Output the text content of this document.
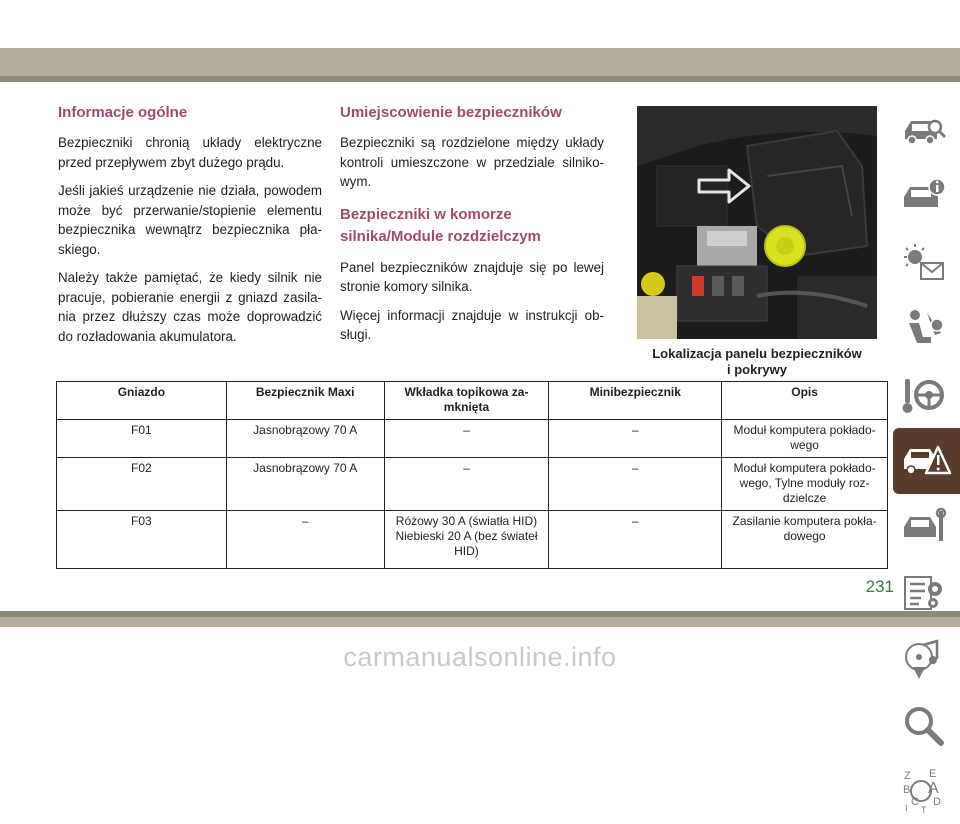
Informacje ogólne

Bezpieczniki chronią układy elektryczne przed przepływem zbyt dużego prądu.

Jeśli jakieś urządzenie nie działa, powodem może być przerwanie/stopienie elementu bezpiecznika wewnątrz bezpiecznika pła- skiego.

Należy także pamiętać, że kiedy silnik nie pracuje, pobieranie energii z gniazd zasila- nia przez dłuższy czas może doprowadzić do rozładowania akumulatora.

Umiejscowienie bezpieczników

Bezpieczniki są rozdzielone między układy kontroli umieszczone w przedziale silniko- wym.

Bezpieczniki w komorze
silnika/Module rozdzielczym

Panel bezpieczników znajduje się po lewej stronie komory silnika.

Więcej informacji znajduje w instrukcji ob- sługi.

Lokalizacja panelu bezpieczników
i pokrywy
Gniazdo	Bezpiecznik Maxi	Wkładka topikowa za- mknięta	Minibezpiecznik	Opis
F01	Jasnobrązowy 70 A	–	–	Moduł komputera pokłado- wego
F02	Jasnobrązowy 70 A	–	–	Moduł komputera pokłado- wego, Tylne moduły roz- dzielcze
F03	–	Różowy 30 A (światła HID) Niebieski 20 A (bez świateł HID)	–	Zasilanie komputera pokła- dowego
Z E
B A
C D
I T
231
carmanualsonline.info
